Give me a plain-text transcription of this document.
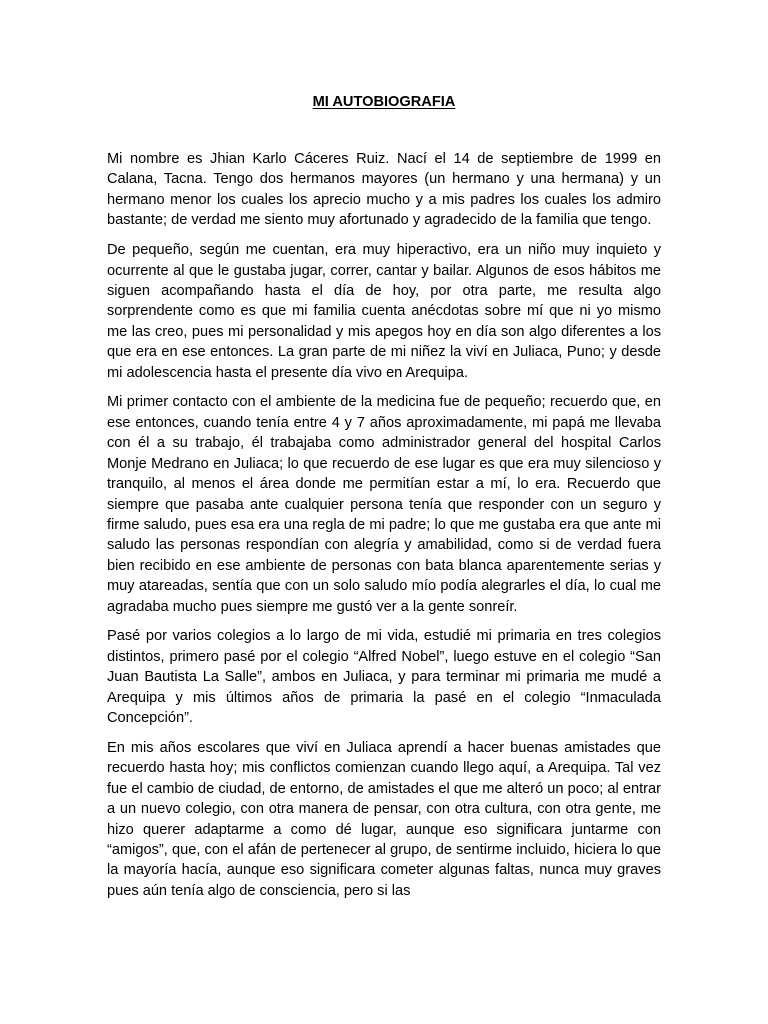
MI AUTOBIOGRAFIA

Mi nombre es Jhian Karlo Cáceres Ruiz. Nací el 14 de septiembre de 1999 en Calana, Tacna. Tengo dos hermanos mayores (un hermano y una hermana) y un hermano menor los cuales los aprecio mucho y a mis padres los cuales los admiro bastante; de verdad me siento muy afortunado y agradecido de la familia que tengo.

De pequeño, según me cuentan, era muy hiperactivo, era un niño muy inquieto y ocurrente al que le gustaba jugar, correr, cantar y bailar. Algunos de esos hábitos me siguen acompañando hasta el día de hoy, por otra parte, me resulta algo sorprendente como es que mi familia cuenta anécdotas sobre mí que ni yo mismo me las creo, pues mi personalidad y mis apegos hoy en día son algo diferentes a los que era en ese entonces. La gran parte de mi niñez la viví en Juliaca, Puno; y desde mi adolescencia hasta el presente día vivo en Arequipa.

Mi primer contacto con el ambiente de la medicina fue de pequeño; recuerdo que, en ese entonces, cuando tenía entre 4 y 7 años aproximadamente, mi papá me llevaba con él a su trabajo, él trabajaba como administrador general del hospital Carlos Monje Medrano en Juliaca; lo que recuerdo de ese lugar es que era muy silencioso y tranquilo, al menos el área donde me permitían estar a mí, lo era. Recuerdo que siempre que pasaba ante cualquier persona tenía que responder con un seguro y firme saludo, pues esa era una regla de mi padre; lo que me gustaba era que ante mi saludo las personas respondían con alegría y amabilidad, como si de verdad fuera bien recibido en ese ambiente de personas con bata blanca aparentemente serias y muy atareadas, sentía que con un solo saludo mío podía alegrarles el día, lo cual me agradaba mucho pues siempre me gustó ver a la gente sonreír.

Pasé por varios colegios a lo largo de mi vida, estudié mi primaria en tres colegios distintos, primero pasé por el colegio “Alfred Nobel”, luego estuve en el colegio “San Juan Bautista La Salle”, ambos en Juliaca, y para terminar mi primaria me mudé a Arequipa y mis últimos años de primaria la pasé en el colegio “Inmaculada Concepción”.

En mis años escolares que viví en Juliaca aprendí a hacer buenas amistades que recuerdo hasta hoy; mis conflictos comienzan cuando llego aquí, a Arequipa. Tal vez fue el cambio de ciudad, de entorno, de amistades el que me alteró un poco; al entrar a un nuevo colegio, con otra manera de pensar, con otra cultura, con otra gente, me hizo querer adaptarme a como dé lugar, aunque eso significara juntarme con “amigos”, que, con el afán de pertenecer al grupo, de sentirme incluido, hiciera lo que la mayoría hacía, aunque eso significara cometer algunas faltas, nunca muy graves pues aún tenía algo de consciencia, pero si las
